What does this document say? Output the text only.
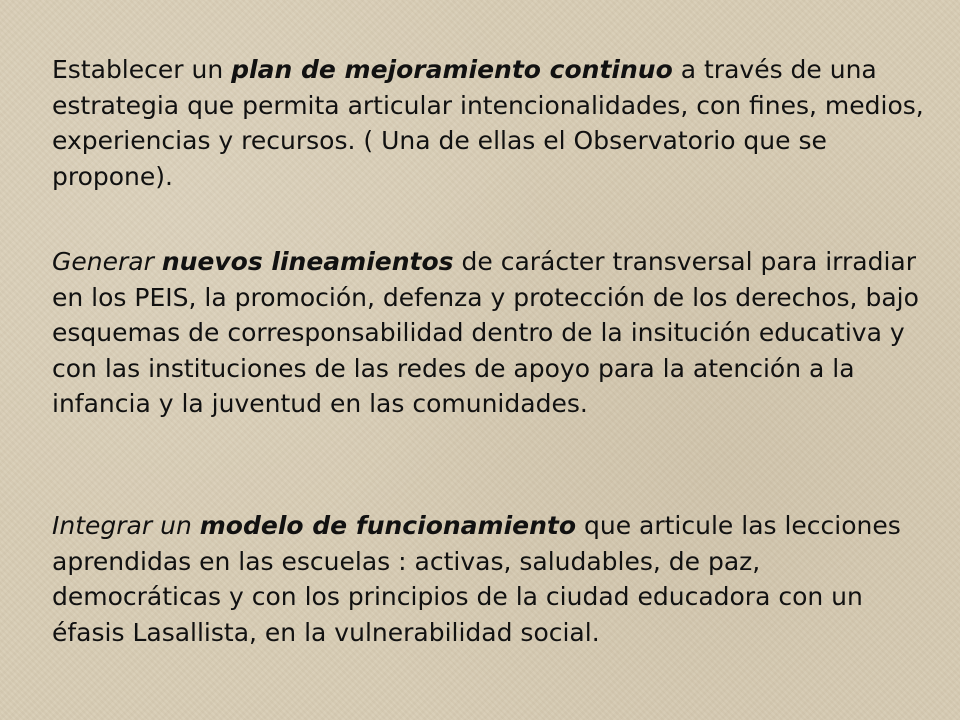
Establecer un plan de mejoramiento continuo a través de una estrategia que permita articular intencionalidades, con fines, medios, experiencias y recursos. ( Una de ellas el Observatorio que se propone).

Generar nuevos lineamientos de carácter transversal para irradiar en los PEIS, la promoción, defenza y protección de los derechos, bajo esquemas de corresponsabilidad dentro de la insitución educativa y con las instituciones de las redes de apoyo para la atención a la infancia y la juventud en las comunidades.

Integrar un modelo de funcionamiento que articule las lecciones aprendidas en las escuelas : activas, saludables, de paz, democráticas y con los principios de la ciudad educadora con un éfasis Lasallista, en la vulnerabilidad social.
